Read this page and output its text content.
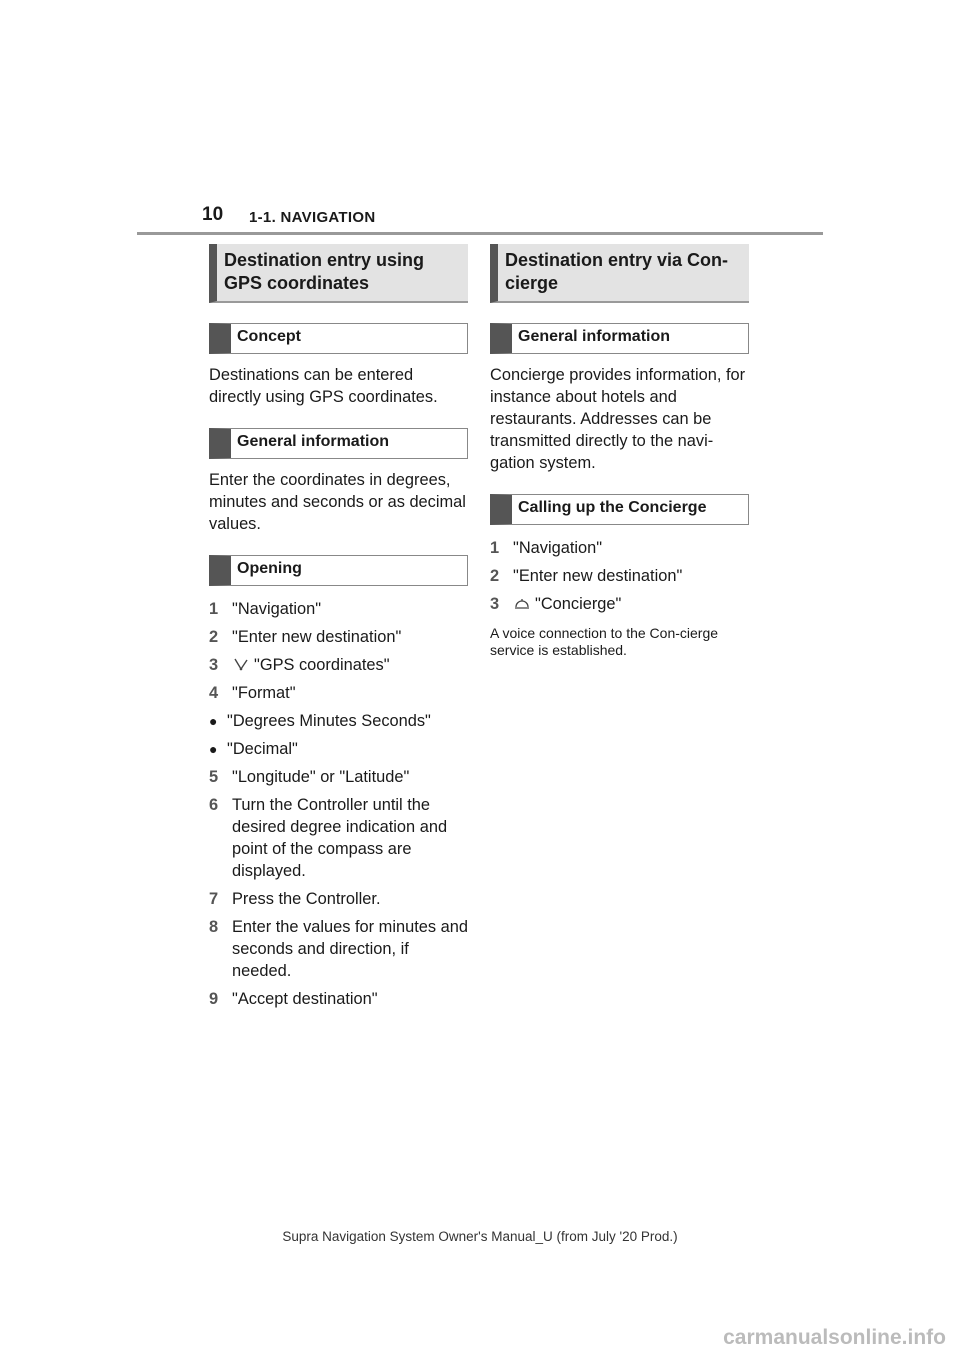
10 1-1. NAVIGATION
Destination entry using GPS coordinates
Concept
Destinations can be entered directly using GPS coordinates.
General information
Enter the coordinates in degrees, minutes and seconds or as decimal values.
Opening
1 "Navigation"
2 "Enter new destination"
3	"GPS coordinates"
4 "Format"
● "Degrees Minutes Seconds"
● "Decimal"
5 "Longitude" or "Latitude"
6 Turn the Controller until the desired degree indication and point of the compass are displayed.
7 Press the Controller.
8 Enter the values for minutes and seconds and direction, if needed.
9 "Accept destination"
Destination entry via Con-cierge
General information
Concierge provides information, for instance about hotels and restaurants. Addresses can be transmitted directly to the navi-gation system.
Calling up the Concierge
1 "Navigation"
2 "Enter new destination"
3	"Concierge"
A voice connection to the Con-cierge service is established.
Supra Navigation System Owner's Manual_U (from July '20 Prod.)
carmanualsonline.info
